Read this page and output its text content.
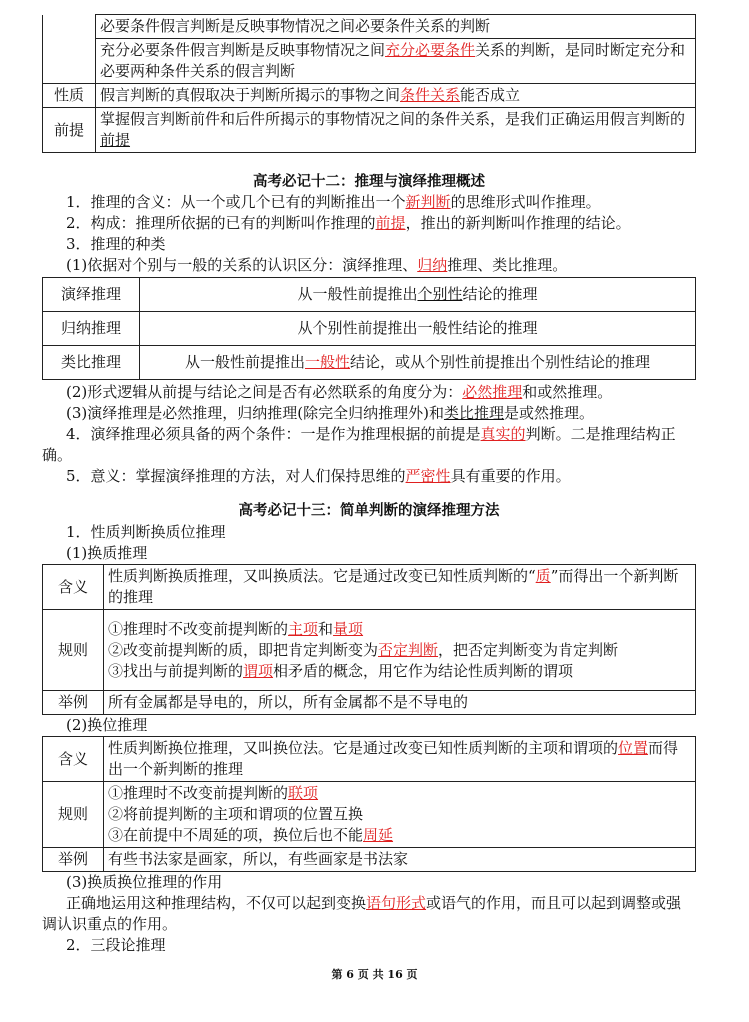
	必要条件假言判断是反映事物情况之间必要条件关系的判断
	充分必要条件假言判断是反映事物情况之间充分必要条件关系的判断，是同时断定充分和必要两种条件关系的假言判断
性质	假言判断的真假取决于判断所揭示的事物之间条件关系能否成立
前提	掌握假言判断前件和后件所揭示的事物情况之间的条件关系，是我们正确运用假言判断的前提
高考必记十二：推理与演绎推理概述
1．推理的含义：从一个或几个已有的判断推出一个新判断的思维形式叫作推理。
2．构成：推理所依据的已有的判断叫作推理的前提，推出的新判断叫作推理的结论。
3．推理的种类
(1)依据对个别与一般的关系的认识区分：演绎推理、归纳推理、类比推理。
演绎推理	从一般性前提推出个别性结论的推理
归纳推理	从个别性前提推出一般性结论的推理
类比推理	从一般性前提推出一般性结论，或从个别性前提推出个别性结论的推理
(2)形式逻辑从前提与结论之间是否有必然联系的角度分为：必然推理和或然推理。
(3)演绎推理是必然推理，归纳推理(除完全归纳推理外)和类比推理是或然推理。
4．演绎推理必须具备的两个条件：一是作为推理根据的前提是真实的判断。二是推理结构正确。
5．意义：掌握演绎推理的方法，对人们保持思维的严密性具有重要的作用。
高考必记十三：简单判断的演绎推理方法
1．性质判断换质位推理
(1)换质推理
含义	性质判断换质推理，又叫换质法。它是通过改变已知性质判断的“质”而得出一个新判断的推理
规则	①推理时不改变前提判断的主项和量项
②改变前提判断的质，即把肯定判断变为否定判断，把否定判断变为肯定判断
③找出与前提判断的谓项相矛盾的概念，用它作为结论性质判断的谓项

举例	所有金属都是导电的，所以，所有金属都不是不导电的
(2)换位推理
含义	性质判断换位推理，又叫换位法。它是通过改变已知性质判断的主项和谓项的位置而得出一个新判断的推理
规则	①推理时不改变前提判断的联项
②将前提判断的主项和谓项的位置互换
③在前提中不周延的项，换位后也不能周延

举例	有些书法家是画家，所以，有些画家是书法家
(3)换质换位推理的作用
正确地运用这种推理结构，不仅可以起到变换语句形式或语气的作用，而且可以起到调整或强调认识重点的作用。
2．三段论推理
第 6 页 共 16 页
